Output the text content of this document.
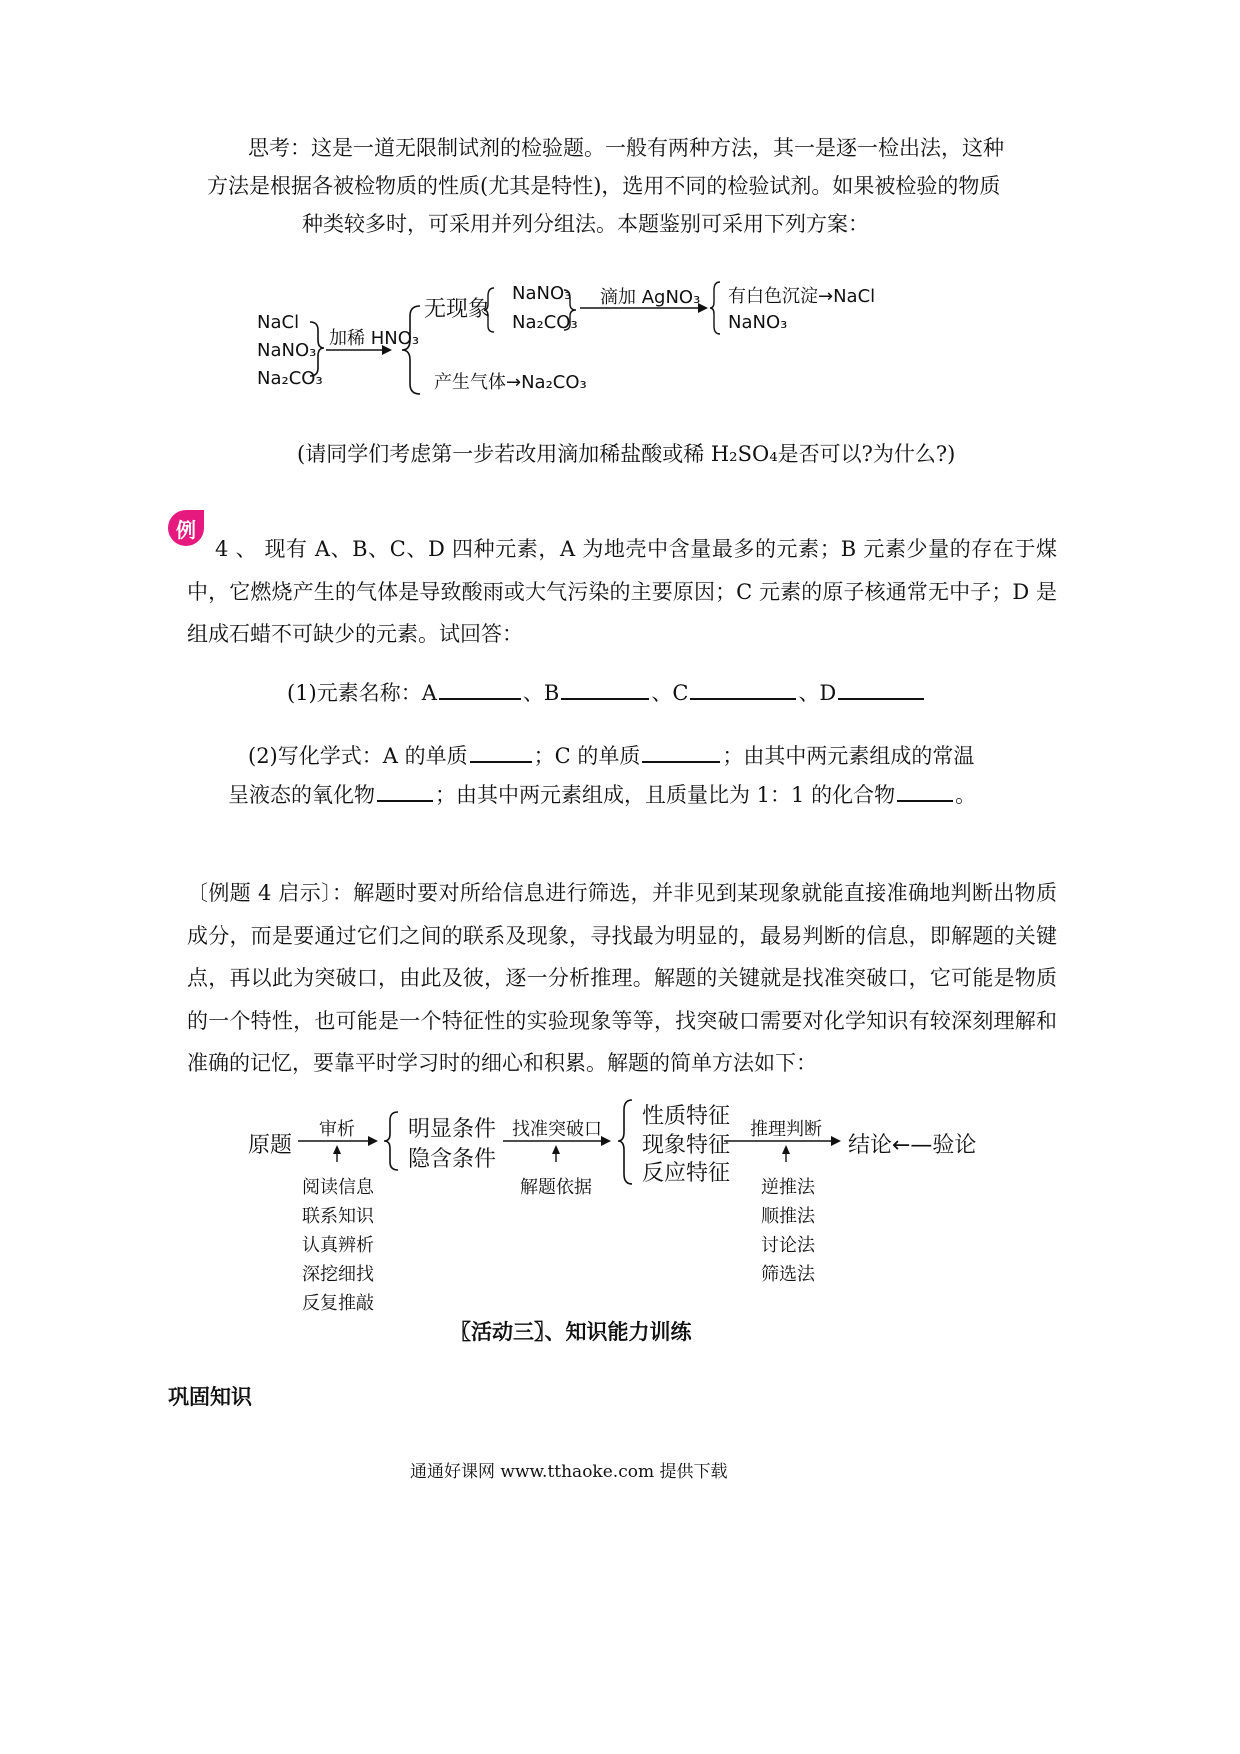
思考：这是一道无限制试剂的检验题。一般有两种方法，其一是逐一检出法，这种
方法是根据各被检物质的性质(尤其是特性)，选用不同的检验试剂。如果被检验的物质
种类较多时，可采用并列分组法。本题鉴别可采用下列方案：
NaCl
NaNO₃
Na₂CO₃
加稀 HNO₃
无现象
NaNO₃
Na₂CO₃
滴加 AgNO₃ 有白色沉淀→NaCl
NaNO₃
产生气体→Na₂CO₃
(请同学们考虑第一步若改用滴加稀盐酸或稀 H₂SO₄是否可以?为什么?)
例
4 、 现有 A、B、C、D 四种元素，A 为地壳中含量最多的元素；B 元素少量的存在于煤中，它燃烧产生的气体是导致酸雨或大气污染的主要原因；C 元素的原子核通常无中子；D 是组成石蜡不可缺少的元素。试回答：
(1)元素名称：A	、B	、C	、D
(2)写化学式：A 的单质	；C 的单质	；由其中两元素组成的常温
呈液态的氧化物	；由其中两元素组成，且质量比为 1：1 的化合物	。
〔例题 4 启示〕：解题时要对所给信息进行筛选，并非见到某现象就能直接准确地判断出物质成分，而是要通过它们之间的联系及现象，寻找最为明显的，最易判断的信息，即解题的关键点，再以此为突破口，由此及彼，逐一分析推理。解题的关键就是找准突破口，它可能是物质的一个特性，也可能是一个特征性的实验现象等等，找突破口需要对化学知识有较深刻理解和准确的记忆，要靠平时学习时的细心和积累。解题的简单方法如下：
原题
审析 明显条件
隐含条件
找准突破口
性质特征
现象特征
反应特征
推理判断
结论←—验论
阅读信息
联系知识
认真辨析
深挖细找
反复推敲
解题依据	逆推法
顺推法
讨论法
筛选法
〖活动三〗、知识能力训练
巩固知识
通通好课网 www.tthaoke.com 提供下载
